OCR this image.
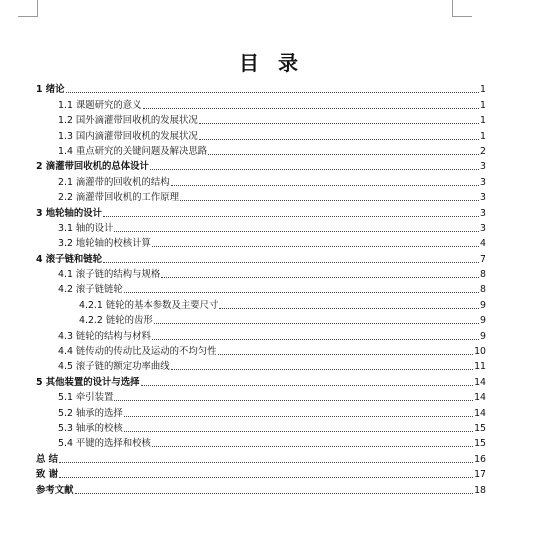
目 录
1 绪论	1
1.1 课题研究的意义	1
1.2 国外滴灌带回收机的发展状况	1
1.3 国内滴灌带回收机的发展状况	1
1.4 重点研究的关键问题及解决思路	2
2 滴灌带回收机的总体设计	3
2.1 滴灌带的回收机的结构	3
2.2 滴灌带回收机的工作原理	3
3 地轮轴的设计	3
3.1 轴的设计	3
3.2 地轮轴的校核计算	4
4 滚子链和链轮	7
4.1 滚子链的结构与规格	8
4.2 滚子链链轮	8
4.2.1 链轮的基本参数及主要尺寸	9
4.2.2 链轮的齿形	9
4.3 链轮的结构与材料	9
4.4 链传动的传动比及运动的不均匀性	10
4.5 滚子链的额定功率曲线	11
5 其他装置的设计与选择	14
5.1 牵引装置	14
5.2 轴承的选择	14
5.3 轴承的校核	15
5.4 平键的选择和校核	15
总 结	16
致 谢	17
参考文献	18
